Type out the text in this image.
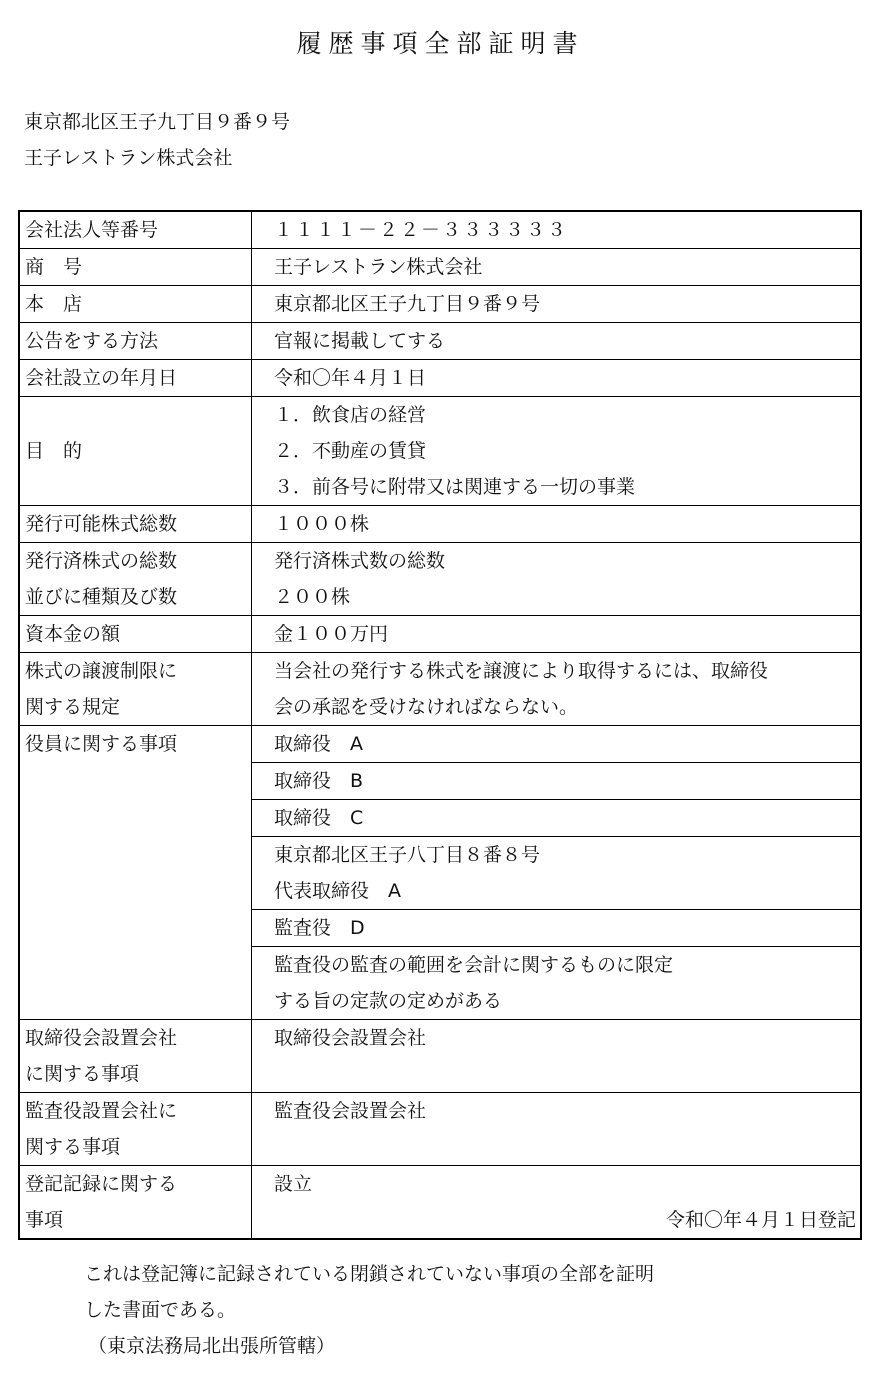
履歴事項全部証明書
東京都北区王子九丁目９番９号
王子レストラン株式会社
会社法人等番号	１１１１－２２－３３３３３３
商　号	王子レストラン株式会社
本　店	東京都北区王子九丁目９番９号
公告をする方法	官報に掲載してする
会社設立の年月日	令和〇年４月１日
目　的	１．飲食店の経営
２．不動産の賃貸
３．前各号に附帯又は関連する一切の事業

発行可能株式総数	１０００株

発行済株式の総数
並びに種類及び数	発行済株式数の総数
２００株

資本金の額	金１００万円

株式の譲渡制限に
関する規定	当会社の発行する株式を譲渡により取得するには、取締役
会の承認を受けなければならない。

役員に関する事項	取締役　A
	取締役　B
	取締役　C

	東京都北区王子八丁目８番８号
代表取締役　A

	監査役　D

	監査役の監査の範囲を会計に関するものに限定
する旨の定款の定めがある

取締役会設置会社
に関する事項	取締役会設置会社

監査役設置会社に
関する事項	監査役会設置会社

登記記録に関する
事項	設立
令和〇年４月１日登記
これは登記簿に記録されている閉鎖されていない事項の全部を証明
した書面である。
（東京法務局北出張所管轄）
